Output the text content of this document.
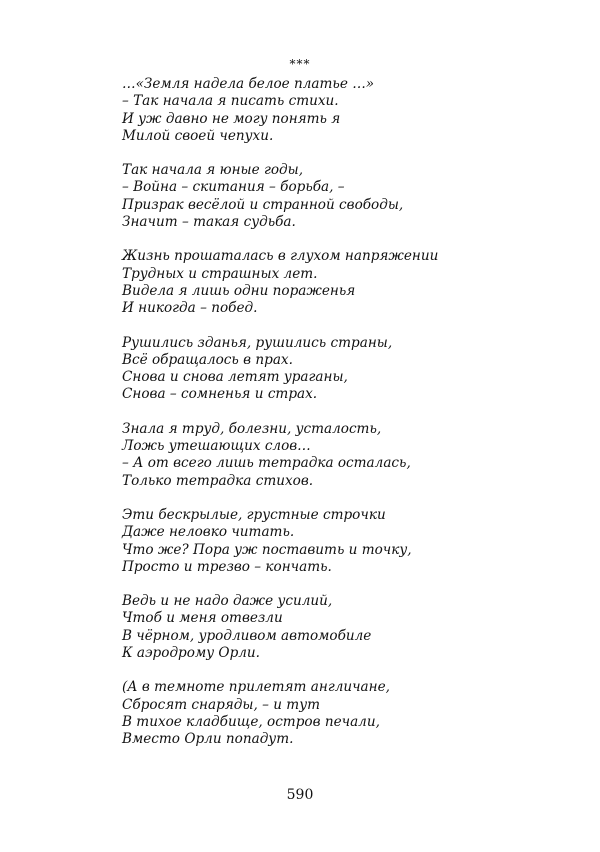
***
…«Земля надела белое платье …»
– Так начала я писать стихи.
И уж давно не могу понять я
Милой своей чепухи.
Так начала я юные годы,
– Война – скитания – борьба, –
Призрак весёлой и странной свободы,
Значит – такая судьба.
Жизнь прошаталась в глухом напряжении
Трудных и страшных лет.
Видела я лишь одни пораженья
И никогда – побед.
Рушились зданья, рушились страны,
Всё обращалось в прах.
Снова и снова летят ураганы,
Снова – сомненья и страх.
Знала я труд, болезни, усталость,
Ложь утешающих слов…
– А от всего лишь тетрадка осталась,
Только тетрадка стихов.
Эти бескрылые, грустные строчки
Даже неловко читать.
Что же? Пора уж поставить и точку,
Просто и трезво – кончать.
Ведь и не надо даже усилий,
Чтоб и меня отвезли
В чёрном, уродливом автомобиле
К аэродрому Орли.
(А в темноте прилетят англичане,
Сбросят снаряды, – и тут
В тихое кладбище, остров печали,
Вместо Орли попадут.
590
